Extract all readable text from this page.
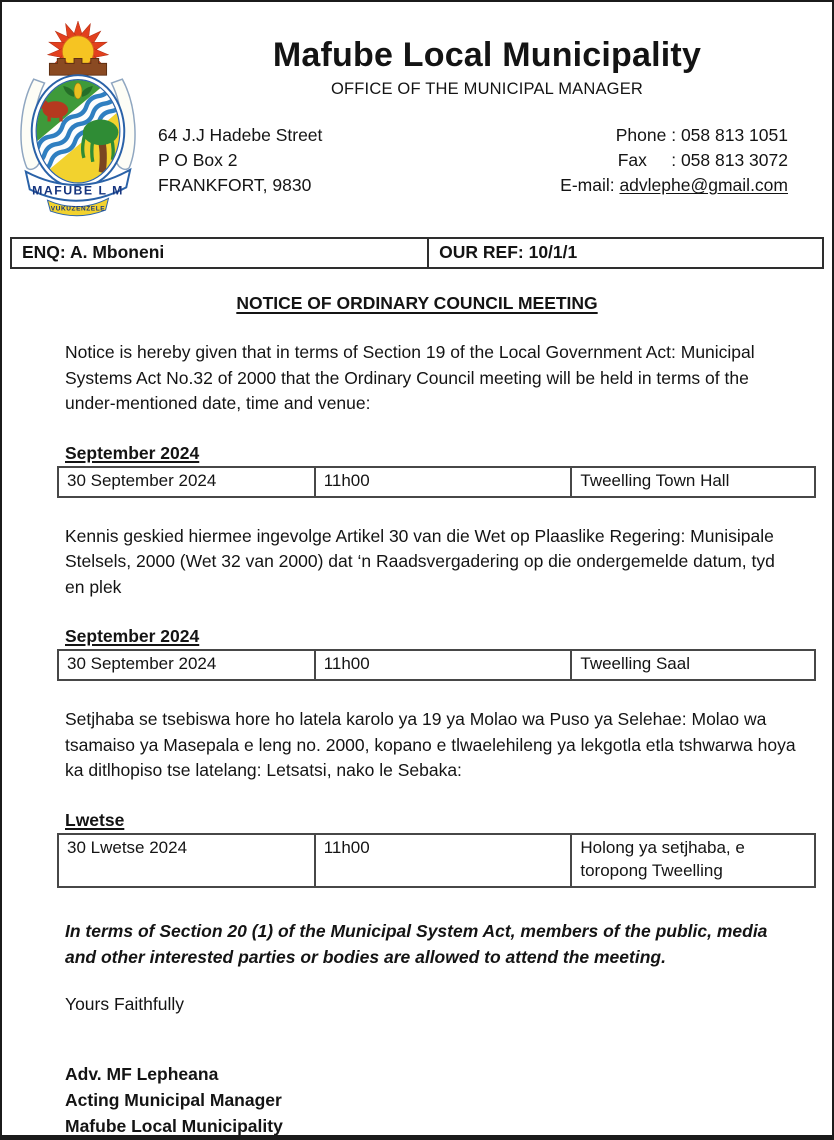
MAFUBE L M
VUKUZENZELE
Mafube Local Municipality
OFFICE OF THE MUNICIPAL MANAGER
64 J.J Hadebe Street
P O Box 2
FRANKFORT, 9830
Phone : 058 813 1051
Fax     : 058 813 3072
E-mail: advlephe@gmail.com
ENQ: A. Mboneni	OUR REF: 10/1/1
NOTICE OF ORDINARY COUNCIL MEETING

Notice is hereby given that in terms of Section 19 of the Local Government Act: Municipal Systems Act No.32 of 2000 that the Ordinary Council meeting will be held in terms of the under-mentioned date, time and venue:

September 2024
30 September 2024	11h00	Tweelling Town Hall

Kennis geskied hiermee ingevolge Artikel 30 van die Wet op Plaaslike Regering: Munisipale Stelsels, 2000 (Wet 32 van 2000) dat ‘n Raadsvergadering op die ondergemelde datum, tyd en plek

September 2024
30 September 2024	11h00	Tweelling Saal

Setjhaba se tsebiswa hore ho latela karolo ya 19 ya Molao wa Puso ya Selehae: Molao wa tsamaiso ya Masepala e leng no. 2000, kopano e tlwaelehileng ya lekgotla etla tshwarwa hoya ka ditlhopiso tse latelang: Letsatsi, nako le Sebaka:

Lwetse
30 Lwetse 2024	11h00	Holong ya setjhaba, e toropong Tweelling

In terms of Section 20 (1) of the Municipal System Act, members of the public, media and other interested parties or bodies are allowed to attend the meeting.

Yours Faithfully

Adv. MF Lepheana
Acting Municipal Manager
Mafube Local Municipality
